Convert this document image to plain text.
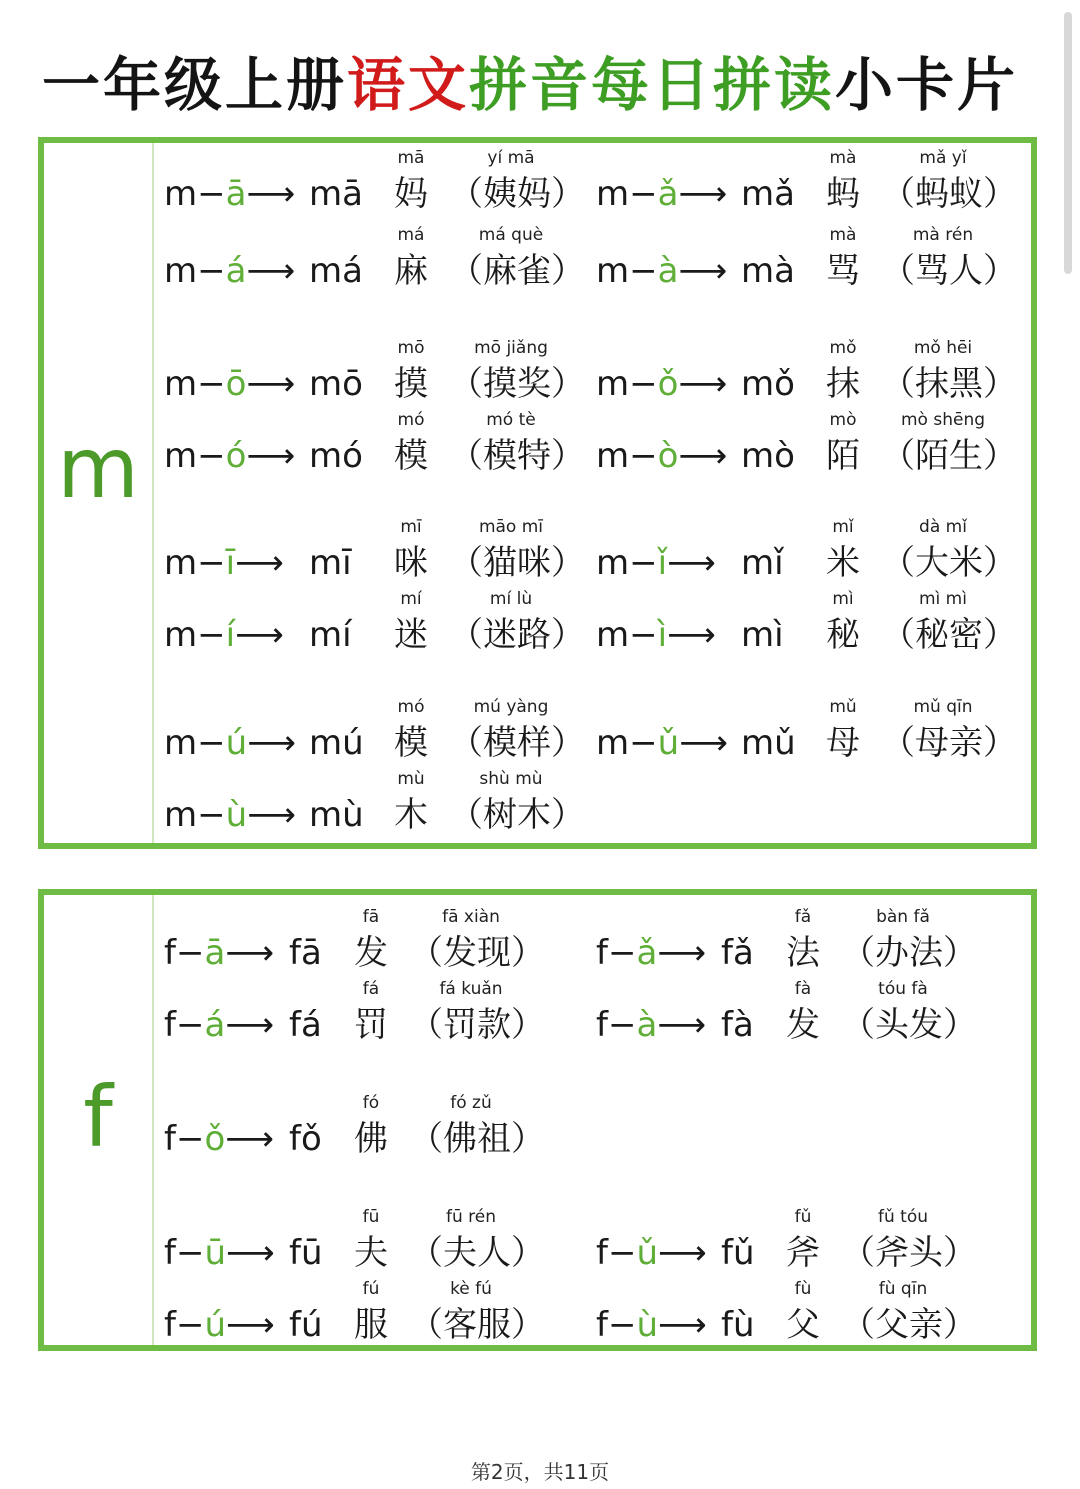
一年级上册语文拼音每日拼读小卡片
m
m−ā⟶ mā
mā
妈
yí mā
（姨妈） m−ǎ⟶ mǎ
mà
蚂
mǎ yǐ
（蚂蚁）
m−á⟶ má
má
麻
má què
（麻雀） m−à⟶ mà
mà
骂
mà rén
（骂人）
m−ō⟶ mō
mō
摸
mō jiǎng
（摸奖） m−ǒ⟶ mǒ
mǒ
抹
mǒ hēi
（抹黑）
m−ó⟶ mó
mó
模
mó tè
（模特） m−ò⟶ mò
mò
陌
mò shēng
（陌生）
m−ī⟶ mī
mī
咪
māo mī
（猫咪） m−ǐ⟶ mǐ
mǐ
米
dà mǐ
（大米）
m−í⟶ mí
mí
迷
mí lù
（迷路） m−ì⟶ mì
mì
秘
mì mì
（秘密）
m−ú⟶ mú
mó
模
mú yàng
（模样） m−ǔ⟶ mǔ
mǔ
母
mǔ qīn
（母亲）
m−ù⟶ mù
mù
木
shù mù
（树木）
f
f−ā⟶ fā
fā
发
fā xiàn
（发现） f−ǎ⟶ fǎ
fǎ
法
bàn fǎ
（办法）
f−á⟶ fá
fá
罚
fá kuǎn
（罚款） f−à⟶ fà
fà
发
tóu fà
（头发）
f−ǒ⟶ fǒ
fó
佛
fó zǔ
（佛祖）
f−ū⟶ fū
fū
夫
fū rén
（夫人） f−ǔ⟶ fǔ
fǔ
斧
fǔ tóu
（斧头）
f−ú⟶ fú
fú
服
kè fú
（客服） f−ù⟶ fù
fù
父
fù qīn
（父亲）
第2页，共11页
